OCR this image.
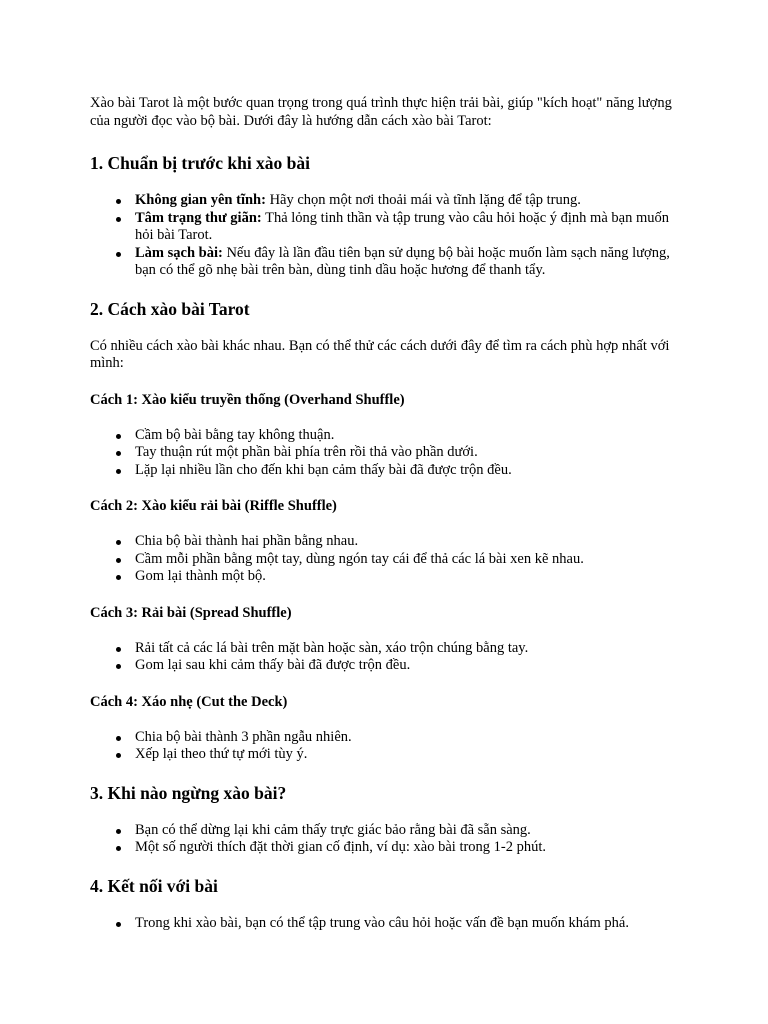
Xào bài Tarot là một bước quan trọng trong quá trình thực hiện trải bài, giúp "kích hoạt" năng lượng của người đọc vào bộ bài. Dưới đây là hướng dẫn cách xào bài Tarot:

1. Chuẩn bị trước khi xào bài
Không gian yên tĩnh: Hãy chọn một nơi thoải mái và tĩnh lặng để tập trung.
Tâm trạng thư giãn: Thả lỏng tinh thần và tập trung vào câu hỏi hoặc ý định mà bạn muốn hỏi bài Tarot.
Làm sạch bài: Nếu đây là lần đầu tiên bạn sử dụng bộ bài hoặc muốn làm sạch năng lượng, bạn có thể gõ nhẹ bài trên bàn, dùng tinh dầu hoặc hương để thanh tẩy.
2. Cách xào bài Tarot

Có nhiều cách xào bài khác nhau. Bạn có thể thử các cách dưới đây để tìm ra cách phù hợp nhất với mình:

Cách 1: Xào kiểu truyền thống (Overhand Shuffle)
Cầm bộ bài bằng tay không thuận.
Tay thuận rút một phần bài phía trên rồi thả vào phần dưới.
Lặp lại nhiều lần cho đến khi bạn cảm thấy bài đã được trộn đều.
Cách 2: Xào kiểu rải bài (Riffle Shuffle)
Chia bộ bài thành hai phần bằng nhau.
Cầm mỗi phần bằng một tay, dùng ngón tay cái để thả các lá bài xen kẽ nhau.
Gom lại thành một bộ.
Cách 3: Rải bài (Spread Shuffle)
Rải tất cả các lá bài trên mặt bàn hoặc sàn, xáo trộn chúng bằng tay.
Gom lại sau khi cảm thấy bài đã được trộn đều.
Cách 4: Xáo nhẹ (Cut the Deck)
Chia bộ bài thành 3 phần ngẫu nhiên.
Xếp lại theo thứ tự mới tùy ý.
3. Khi nào ngừng xào bài?
Bạn có thể dừng lại khi cảm thấy trực giác bảo rằng bài đã sẵn sàng.
Một số người thích đặt thời gian cố định, ví dụ: xào bài trong 1-2 phút.
4. Kết nối với bài
Trong khi xào bài, bạn có thể tập trung vào câu hỏi hoặc vấn đề bạn muốn khám phá.
